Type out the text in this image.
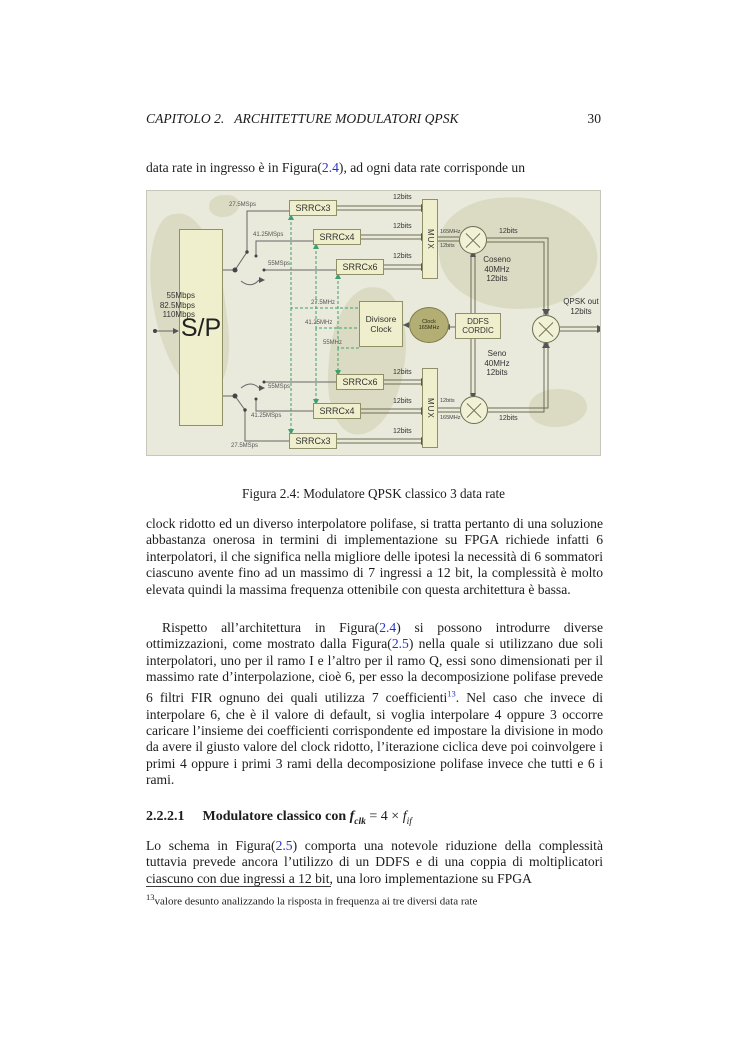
CAPITOLO 2.  ARCHITETTURE MODULATORI QPSK	30
data rate in ingresso è in Figura(2.4), ad ogni data rate corrisponde un
55Mbps
82.5Mbps
110Mbps
S/P
SRRCx3
SRRCx4
SRRCx6
SRRCx6
SRRCx4
SRRCx3
MUX
MUX
Divisore
Clock
Clock
165MHz
DDFS
CORDIC
27.5MSps
41.25MSps
55MSps
12bits
12bits
12bits
165MHz
12bits
12bits
55MSps
41.25MSps
27.5MSps
12bits
12bits
12bits
12bits
165MHz	12bits
27.5MHz
41.25MHz
55MHz
Coseno
40MHz
12bits
Seno
40MHz
12bits
QPSK out
12bits
Figura 2.4: Modulatore QPSK classico 3 data rate
clock ridotto ed un diverso interpolatore polifase, si tratta pertanto di una soluzione abbastanza onerosa in termini di implementazione su FPGA richiede infatti 6 interpolatori, il che significa nella migliore delle ipotesi la necessità di 6 sommatori ciascuno avente fino ad un massimo di 7 ingressi a 12 bit, la complessità è molto elevata quindi la massima frequenza ottenibile con questa architettura è bassa.
Rispetto all’architettura in Figura(2.4) si possono introdurre diverse ottimizzazioni, come mostrato dalla Figura(2.5) nella quale si utilizzano due soli interpolatori, uno per il ramo I e l’altro per il ramo Q, essi sono dimensionati per il massimo rate d’interpolazione, cioè 6, per esso la decomposizione polifase prevede 6 filtri FIR ognuno dei quali utilizza 7 coefficienti$^{13}$. Nel caso che invece di interpolare 6, che è il valore di default, si voglia interpolare 4 oppure 3 occorre caricare l’insieme dei coefficienti corrispondente ed impostare la divisione in modo da avere il giusto valore del clock ridotto, l’iterazione ciclica deve poi coinvolgere i primi 4 oppure i primi 3 rami della decomposizione polifase invece che tutti e 6 i rami.
2.2.2.1 Modulatore classico con $f_{clk} = 4 \times f_{if}$
Lo schema in Figura(2.5) comporta una notevole riduzione della complessità tuttavia prevede ancora l’utilizzo di un DDFS e di una coppia di moltiplicatori ciascuno con due ingressi a 12 bit, una loro implementazione su FPGA
$^{13}$valore desunto analizzando la risposta in frequenza ai tre diversi data rate
